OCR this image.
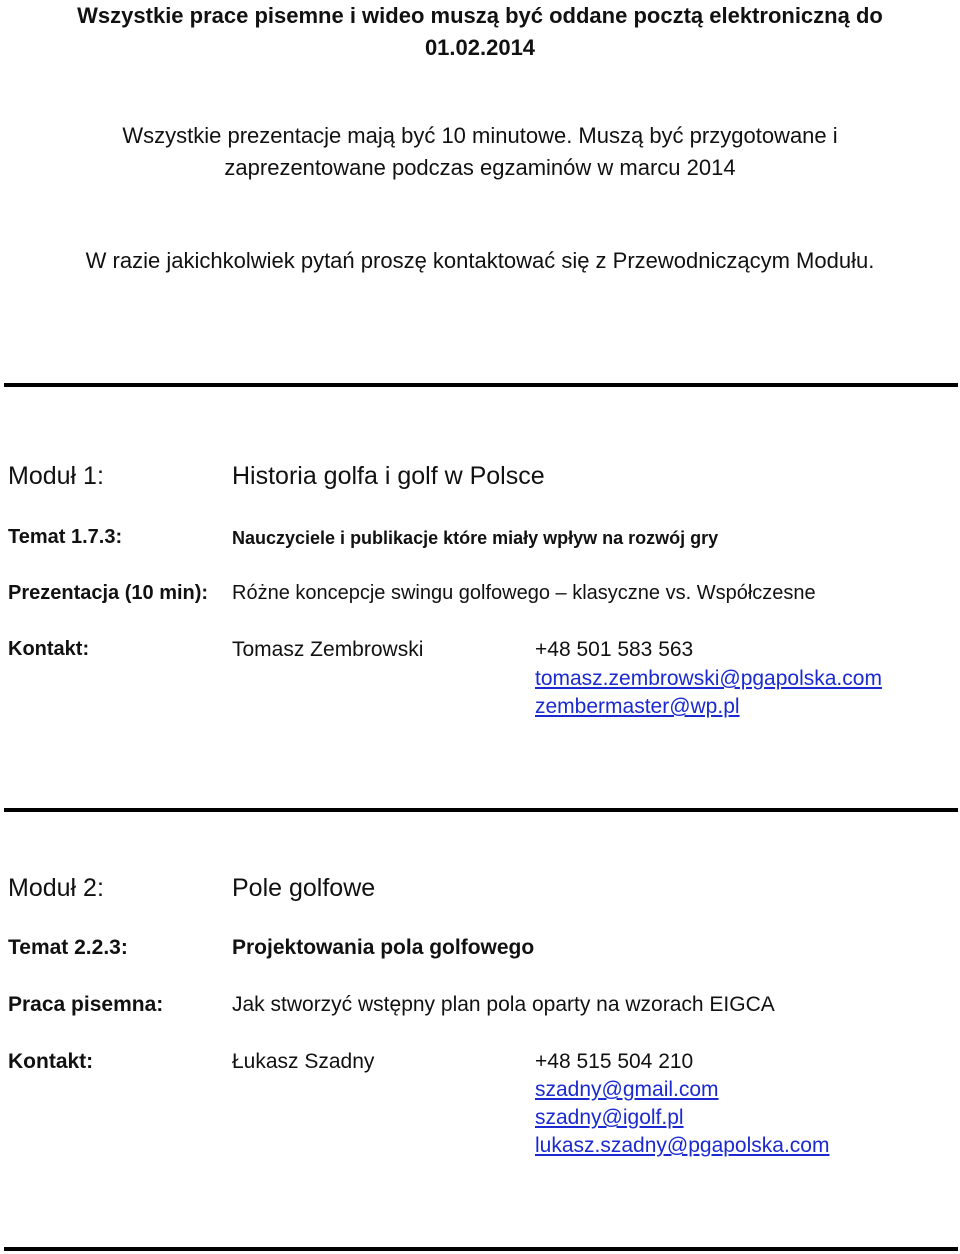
Wszystkie prace pisemne i wideo muszą być oddane pocztą elektroniczną do
01.02.2014
Wszystkie prezentacje mają być 10 minutowe. Muszą być przygotowane i
zaprezentowane podczas egzaminów w marcu 2014
W razie jakichkolwiek pytań proszę kontaktować się z Przewodniczącym Modułu.
Moduł 1:	Historia golfa i golf w Polsce
Temat 1.7.3:	Nauczyciele i publikacje które miały wpływ na rozwój gry
Prezentacja (10 min): Różne koncepcje swingu golfowego – klasyczne vs. Współczesne
Kontakt:	Tomasz Zembrowski	+48 501 583 563
tomasz.zembrowski@pgapolska.com
zembermaster@wp.pl
Moduł 2:	Pole golfowe
Temat 2.2.3:	Projektowania pola golfowego
Praca pisemna:	Jak stworzyć wstępny plan pola oparty na wzorach EIGCA
Kontakt:	Łukasz Szadny	+48 515 504 210
szadny@gmail.com
szadny@igolf.pl
lukasz.szadny@pgapolska.com
